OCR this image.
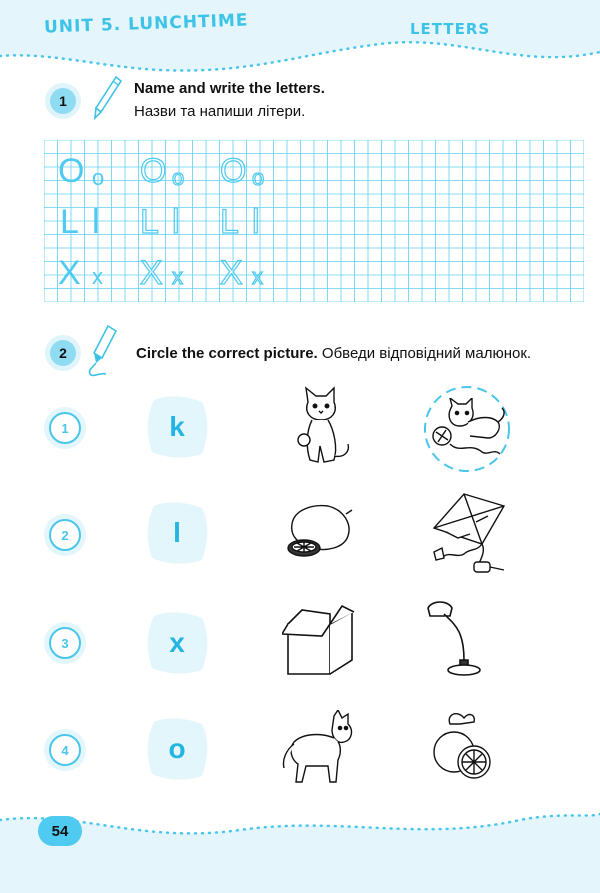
UNIT 5. LUNCHTIME	LETTERS
1
Name and write the letters.
Назви та напиши літери.
O o O o O o
L l L l L l
X x X x X x
2	Circle the correct picture. Обведи відповідний малюнок.
1	k
2	l
3	x
4	o
54
